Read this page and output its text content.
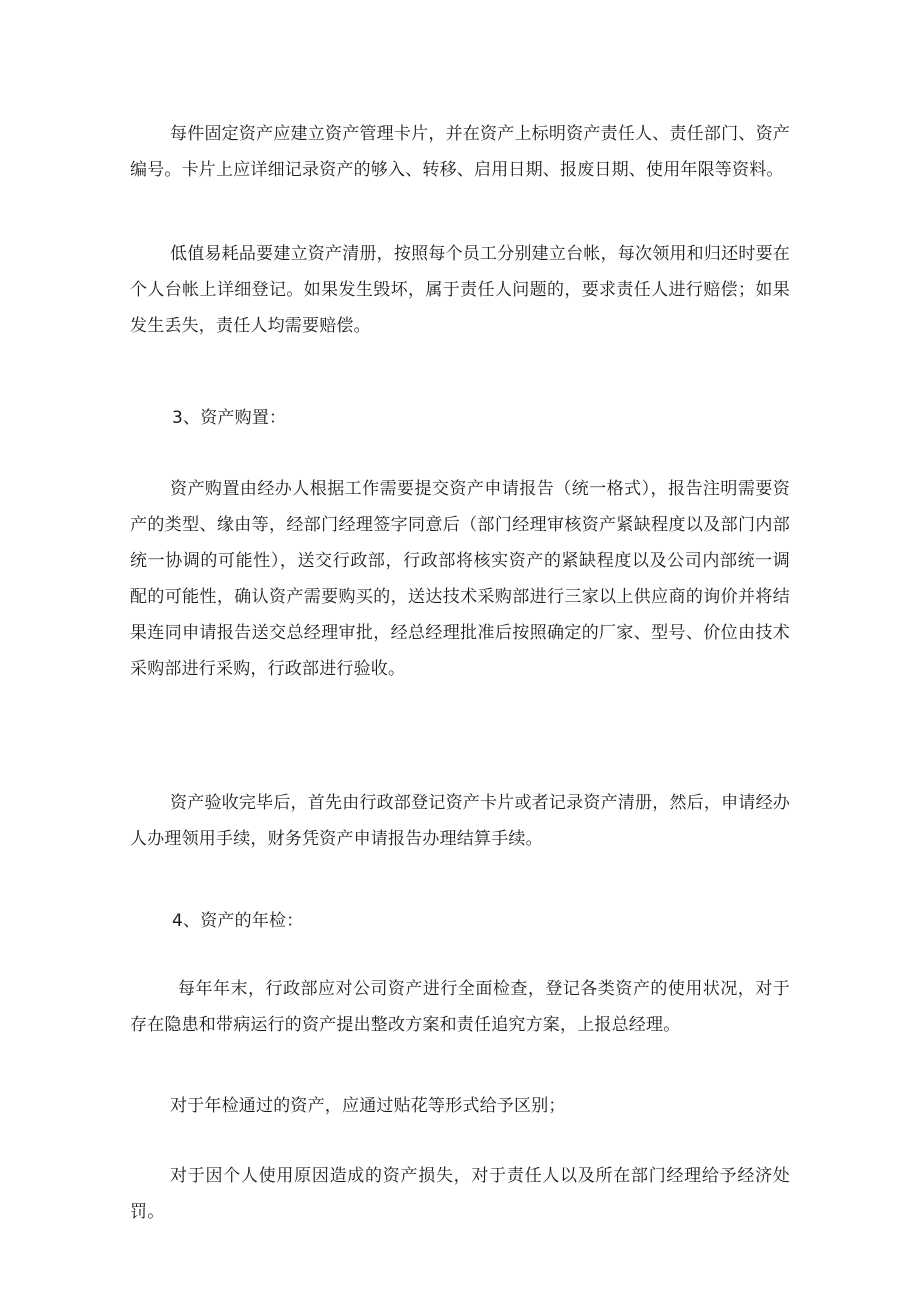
每件固定资产应建立资产管理卡片，并在资产上标明资产责任人、责任部门、资产编号。卡片上应详细记录资产的够入、转移、启用日期、报废日期、使用年限等资料。

低值易耗品要建立资产清册，按照每个员工分别建立台帐，每次领用和归还时要在个人台帐上详细登记。如果发生毁坏，属于责任人问题的，要求责任人进行赔偿；如果发生丢失，责任人均需要赔偿。

3、资产购置：

资产购置由经办人根据工作需要提交资产申请报告（统一格式），报告注明需要资产的类型、缘由等，经部门经理签字同意后（部门经理审核资产紧缺程度以及部门内部统一协调的可能性），送交行政部，行政部将核实资产的紧缺程度以及公司内部统一调配的可能性，确认资产需要购买的，送达技术采购部进行三家以上供应商的询价并将结果连同申请报告送交总经理审批，经总经理批准后按照确定的厂家、型号、价位由技术采购部进行采购，行政部进行验收。

资产验收完毕后，首先由行政部登记资产卡片或者记录资产清册，然后，申请经办人办理领用手续，财务凭资产申请报告办理结算手续。

4、资产的年检：

每年年末，行政部应对公司资产进行全面检查，登记各类资产的使用状况，对于存在隐患和带病运行的资产提出整改方案和责任追究方案，上报总经理。

对于年检通过的资产，应通过贴花等形式给予区别；

对于因个人使用原因造成的资产损失，对于责任人以及所在部门经理给予经济处罚。
